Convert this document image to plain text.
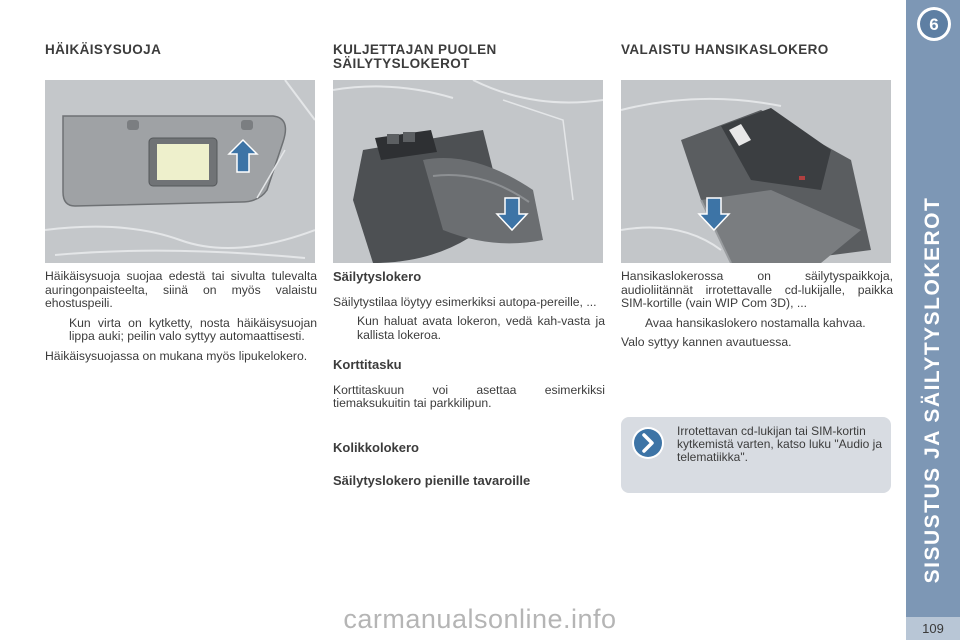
HÄIKÄISYSUOJA

Häikäisysuoja suojaa edestä tai sivulta tulevalta auringonpaisteelta, siinä on myös valaistu ehostuspeili.

Kun virta on kytketty, nosta häikäisysuojan lippa auki; peilin valo syttyy automaattisesti.

Häikäisysuojassa on mukana myös lipukelokero.

KULJETTAJAN PUOLEN
SÄILYTYSLOKEROT
Säilytyslokero

Säilytystilaa löytyy esimerkiksi autopa-pereille, ...

Kun haluat avata lokeron, vedä kah-vasta ja kallista lokeroa.
Korttitasku

Korttitaskuun voi asettaa esimerkiksi tiemaksukuitin tai parkkilipun.

Kolikkolokero
Säilytyslokero pienille tavaroille
VALAISTU HANSIKASLOKERO

Hansikaslokerossa on säilytyspaikkoja, audioliitännät irrotettavalle cd-lukijalle, paikka SIM-kortille (vain WIP Com 3D), ...

Avaa hansikaslokero nostamalla kahvaa.

Valo syttyy kannen avautuessa.

Irrotettavan cd-lukijan tai SIM-kortin kytkemistä varten, katso luku "Audio ja telematiikka".
6
SISUSTUS JA SÄILYTYSLOKEROT
109
carmanualsonline.info
